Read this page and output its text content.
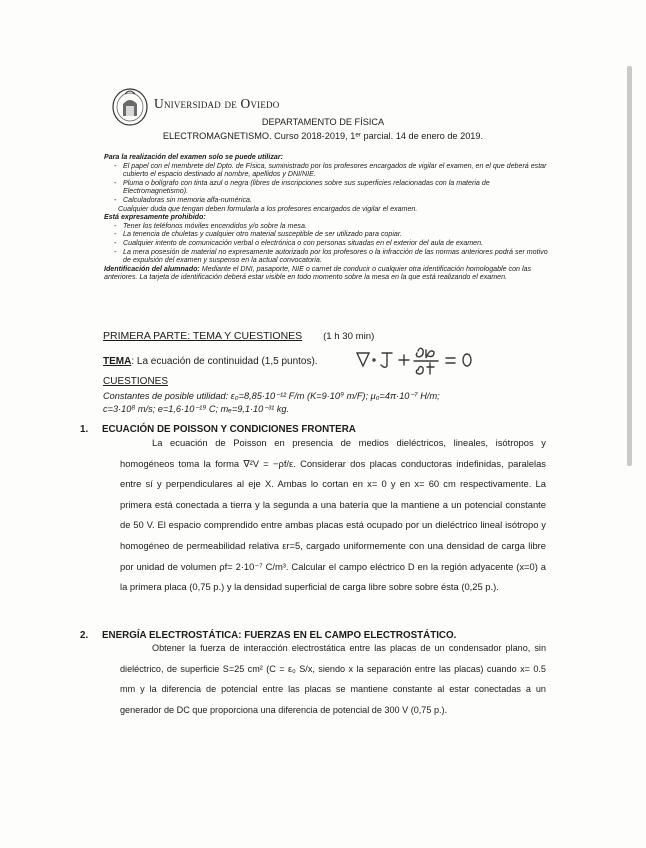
Universidad de Oviedo
DEPARTAMENTO DE FÍSICA
ELECTROMAGNETISMO. Curso 2018-2019, 1ᵉʳ parcial. 14 de enero de 2019.
Para la realización del examen solo se puede utilizar:
- El papel con el membrete del Dpto. de Física, suministrado por los profesores encargados de vigilar el examen, en el que deberá estar cubierto el espacio destinado al nombre, apellidos y DNI/NIE.
- Pluma o bolígrafo con tinta azul o negra (libres de inscripciones sobre sus superficies relacionadas con la materia de Electromagnetismo).
- Calculadoras sin memoria alfa-numérica.
Cualquier duda que tengan deben formularla a los profesores encargados de vigilar el examen.
Está expresamente prohibido:
- Tener los teléfonos móviles encendidos y/o sobre la mesa.
- La tenencia de chuletas y cualquier otro material susceptible de ser utilizado para copiar.
- Cualquier intento de comunicación verbal o electrónica o con personas situadas en el exterior del aula de examen.
- La mera posesión de material no expresamente autorizado por los profesores o la infracción de las normas anteriores podrá ser motivo de expulsión del examen y suspenso en la actual convocatoria.
Identificación del alumnado: Mediante el DNI, pasaporte, NIE o carnet de conducir o cualquier otra identificación homologable con las anteriores. La tarjeta de identificación deberá estar visible en todo momento sobre la mesa en la que está realizando el examen.
PRIMERA PARTE: TEMA Y CUESTIONES (1 h 30 min)
TEMA: La ecuación de continuidad (1,5 puntos).
CUESTIONES
Constantes de posible utilidad: ε₀=8,85·10⁻¹² F/m (K=9·10⁹ m/F); μ₀=4π·10⁻⁷ H/m;
c=3·10⁸ m/s; e=1,6·10⁻¹⁹ C; mₑ=9,1·10⁻³¹ kg.
1. ECUACIÓN DE POISSON Y CONDICIONES FRONTERA

La ecuación de Poisson en presencia de medios dieléctricos, lineales, isótropos y homogéneos toma la forma ∇²V = −ρf/ε. Considerar dos placas conductoras indefinidas, paralelas entre sí y perpendiculares al eje X. Ambas lo cortan en x= 0 y en x= 60 cm respectivamente. La primera está conectada a tierra y la segunda a una batería que la mantiene a un potencial constante de 50 V. El espacio comprendido entre ambas placas está ocupado por un dieléctrico lineal isótropo y homogéneo de permeabilidad relativa εr=5, cargado uniformemente con una densidad de carga libre por unidad de volumen ρf= 2·10⁻⁷ C/m³. Calcular el campo eléctrico D en la región adyacente (x=0) a la primera placa (0,75 p.) y la densidad superficial de carga libre sobre sobre ésta (0,25 p.).

2. ENERGÍA ELECTROSTÁTICA: FUERZAS EN EL CAMPO ELECTROSTÁTICO.

Obtener la fuerza de interacción electrostática entre las placas de un condensador plano, sin dieléctrico, de superficie S=25 cm² (C = ε₀ S/x, siendo x la separación entre las placas) cuando x= 0.5 mm y la diferencia de potencial entre las placas se mantiene constante al estar conectadas a un generador de DC que proporciona una diferencia de potencial de 300 V (0,75 p.).
